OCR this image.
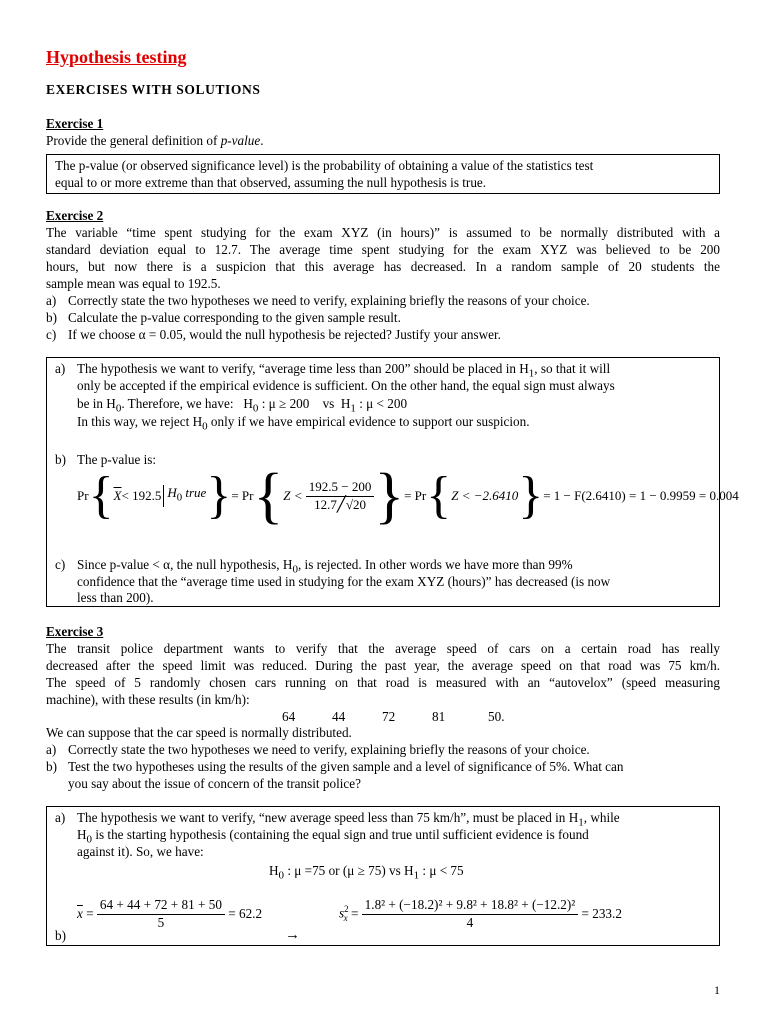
Hypothesis testing
EXERCISES WITH SOLUTIONS
Exercise 1
Provide the general definition of p-value.
The p-value (or observed significance level) is the probability of obtaining a value of the statistics test
equal to or more extreme than that observed, assuming the null hypothesis is true.
Exercise 2
The variable “time spent studying for the exam XYZ (in hours)” is assumed to be normally distributed with a
standard deviation equal to 12.7. The average time spent studying for the exam XYZ was believed to be 200
hours, but now there is a suspicion that this average has decreased. In a random sample of 20 students the
sample mean was equal to 192.5.
a) Correctly state the two hypotheses we need to verify, explaining briefly the reasons of your choice.
b) Calculate the p-value corresponding to the given sample result.
c) If we choose α = 0.05, would the null hypothesis be rejected? Justify your answer.
a) The hypothesis we want to verify, “average time less than 200” should be placed in $H_1$, so that it will
only be accepted if the empirical evidence is sufficient. On the other hand, the equal sign must always
be in $H_0$. Therefore, we have: $H_0$ : μ ≥ 200 vs $H_1$ : μ < 200
In this way, we reject $H_0$ only if we have empirical evidence to support our suspicion.
b) The p-value is:
$Pr\{\overline{X}< 192.5$ $H_0$ true}= $Pr\{Z < \frac{192.5 - 200}{12.7╱√20}$ }= Pr{Z < −2.6410}= 1 − F(2.6410) = 1 − 0.9959 = 0.004
c) Since p-value < α, the null hypothesis, $H_0$, is rejected. In other words we have more than 99%
confidence that the “average time used in studying for the exam XYZ (hours)” has decreased (is now
less than 200).
Exercise 3
The transit police department wants to verify that the average speed of cars on a certain road has really
decreased after the speed limit was reduced. During the past year, the average speed on that road was 75 km/h.
The speed of 5 randomly chosen cars running on that road is measured with an “autovelox” (speed measuring
machine), with these results (in km/h):
64	44	72	81	50.
We can suppose that the car speed is normally distributed.
a) Correctly state the two hypotheses we need to verify, explaining briefly the reasons of your choice.
b) Test the two hypotheses using the results of the given sample and a level of significance of 5%. What can
you say about the issue of concern of the transit police?
a) The hypothesis we want to verify, “new average speed less than 75 km/h”, must be placed in $H_1$, while
$H_0$ is the starting hypothesis (containing the equal sign and true until sufficient evidence is found
against it). So, we have:
$H_0$ : μ =75 or (μ ≥ 75) vs $H_1$ : μ < 75
$\overline{x} = \frac{64 + 44 + 72 + 81 + 50}{5} = 62.2$
→
$s^2_x = \frac{\text{1.8² + (−18.2)² + 9.8² + 18.8² + (−12.2)²}}{4} = 233.2$
b)
1
